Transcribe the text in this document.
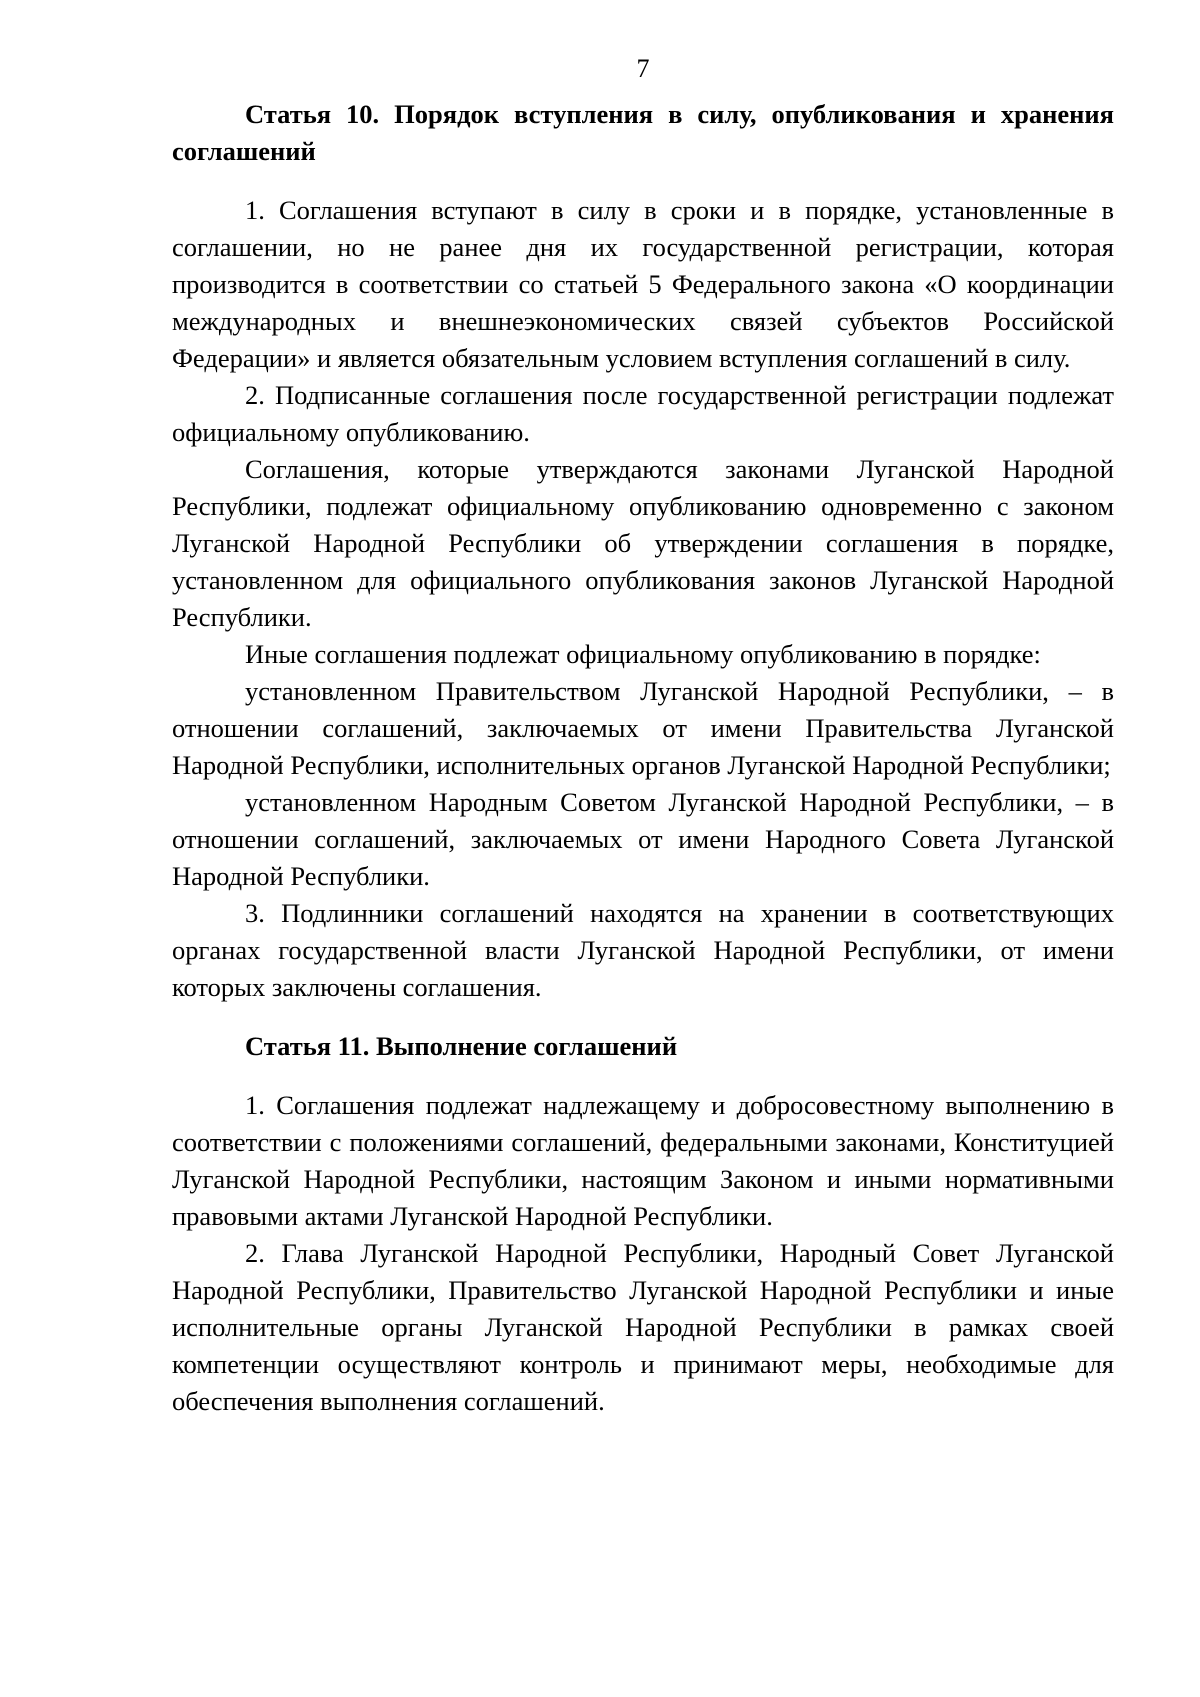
7

Статья 10. Порядок вступления в силу, опубликования и хранения соглашений

1. Соглашения вступают в силу в сроки и в порядке, установленные в соглашении, но не ранее дня их государственной регистрации, которая производится в соответствии со статьей 5 Федерального закона «О координации международных и внешнеэкономических связей субъектов Российской Федерации» и является обязательным условием вступления соглашений в силу.

2. Подписанные соглашения после государственной регистрации подлежат официальному опубликованию.

Соглашения, которые утверждаются законами Луганской Народной Республики, подлежат официальному опубликованию одновременно с законом Луганской Народной Республики об утверждении соглашения в порядке, установленном для официального опубликования законов Луганской Народной Республики.

Иные соглашения подлежат официальному опубликованию в порядке:

установленном Правительством Луганской Народной Республики, – в отношении соглашений, заключаемых от имени Правительства Луганской Народной Республики, исполнительных органов Луганской Народной Республики;

установленном Народным Советом Луганской Народной Республики, – в отношении соглашений, заключаемых от имени Народного Совета Луганской Народной Республики.

3. Подлинники соглашений находятся на хранении в соответствующих органах государственной власти Луганской Народной Республики, от имени которых заключены соглашения.

Статья 11. Выполнение соглашений

1. Соглашения подлежат надлежащему и добросовестному выполнению в соответствии с положениями соглашений, федеральными законами, Конституцией Луганской Народной Республики, настоящим Законом и иными нормативными правовыми актами Луганской Народной Республики.

2. Глава Луганской Народной Республики, Народный Совет Луганской Народной Республики, Правительство Луганской Народной Республики и иные исполнительные органы Луганской Народной Республики в рамках своей компетенции осуществляют контроль и принимают меры, необходимые для обеспечения выполнения соглашений.
